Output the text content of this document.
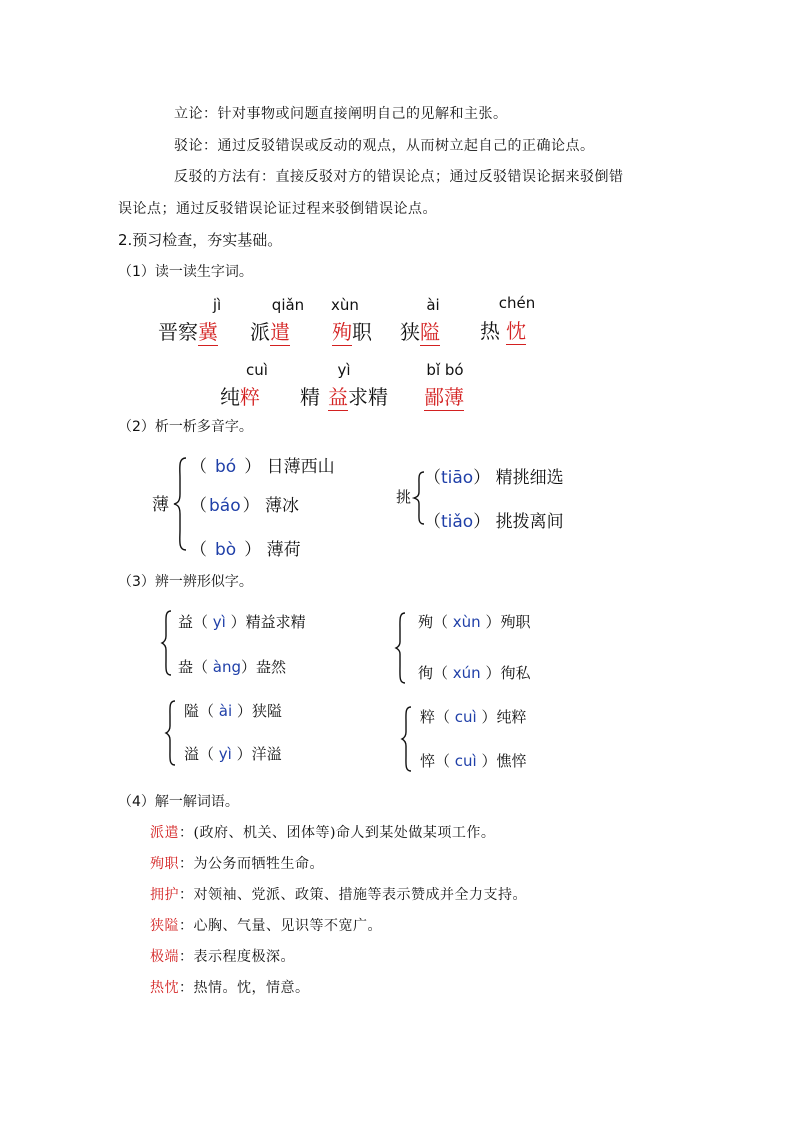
立论：针对事物或问题直接阐明自己的见解和主张。
驳论：通过反驳错误或反动的观点，从而树立起自己的正确论点。
反驳的方法有：直接反驳对方的错误论点；通过反驳错误论据来驳倒错
误论点；通过反驳错误论证过程来驳倒错误论点。
2.预习检查，夯实基础。
（1）读一读生字词。
jì
晋察冀
qiǎn
派遣
xùn
殉职
ài
狭隘
chén
热 忱
cuì
纯粹
yì
精 益求精
bǐ bó
鄙薄
（2）析一析多音字。
薄
（ bó ） 日薄西山
（ báo ） 薄冰
（ bò ） 薄荷
挑
（tiāo） 精挑细选
（tiǎo） 挑拨离间
（3）辨一辨形似字。
益（ yì ）精益求精
盎（ àng）盎然
殉（ xùn ）殉职
徇（ xún ）徇私
隘（ ài ）狭隘
溢（ yì ）洋溢
粹（ cuì ）纯粹
悴（ cuì ）憔悴
（4）解一解词语。
派遣：(政府、机关、团体等)命人到某处做某项工作。
殉职：为公务而牺牲生命。
拥护：对领袖、党派、政策、措施等表示赞成并全力支持。
狭隘：心胸、气量、见识等不宽广。
极端：表示程度极深。
热忱：热情。忱，情意。
